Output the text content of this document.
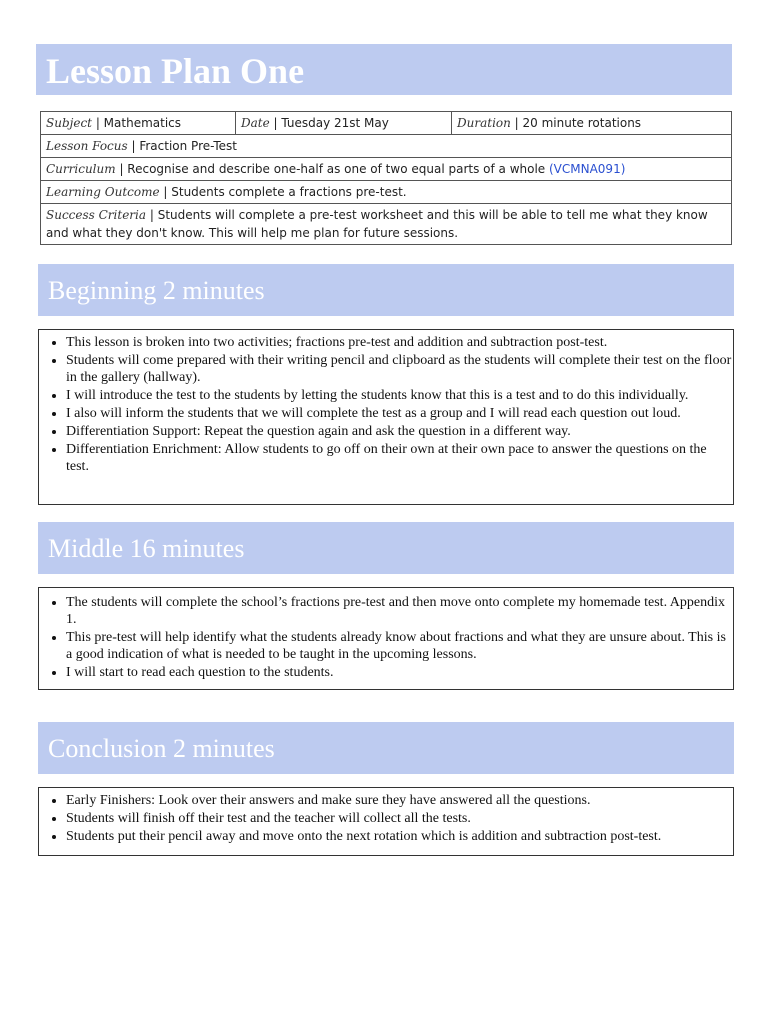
Lesson Plan One
Subject | Mathematics	Date | Tuesday 21st May	Duration | 20 minute rotations
Lesson Focus | Fraction Pre-Test
Curriculum | Recognise and describe one-half as one of two equal parts of a whole (VCMNA091)
Learning Outcome | Students complete a fractions pre-test.
Success Criteria | Students will complete a pre-test worksheet and this will be able to tell me what they know and what they don't know. This will help me plan for future sessions.
Beginning 2 minutes
• This lesson is broken into two activities; fractions pre-test and addition and subtraction post-test.
• Students will come prepared with their writing pencil and clipboard as the students will complete their test on the floor in the gallery (hallway).
• I will introduce the test to the students by letting the students know that this is a test and to do this individually.
• I also will inform the students that we will complete the test as a group and I will read each question out loud.
• Differentiation Support: Repeat the question again and ask the question in a different way.
• Differentiation Enrichment: Allow students to go off on their own at their own pace to answer the questions on the test.
Middle 16 minutes
• The students will complete the school’s fractions pre-test and then move onto complete my homemade test. Appendix 1.
• This pre-test will help identify what the students already know about fractions and what they are unsure about. This is a good indication of what is needed to be taught in the upcoming lessons.
• I will start to read each question to the students.
Conclusion 2 minutes
• Early Finishers: Look over their answers and make sure they have answered all the questions.
• Students will finish off their test and the teacher will collect all the tests.
• Students put their pencil away and move onto the next rotation which is addition and subtraction post-test.
